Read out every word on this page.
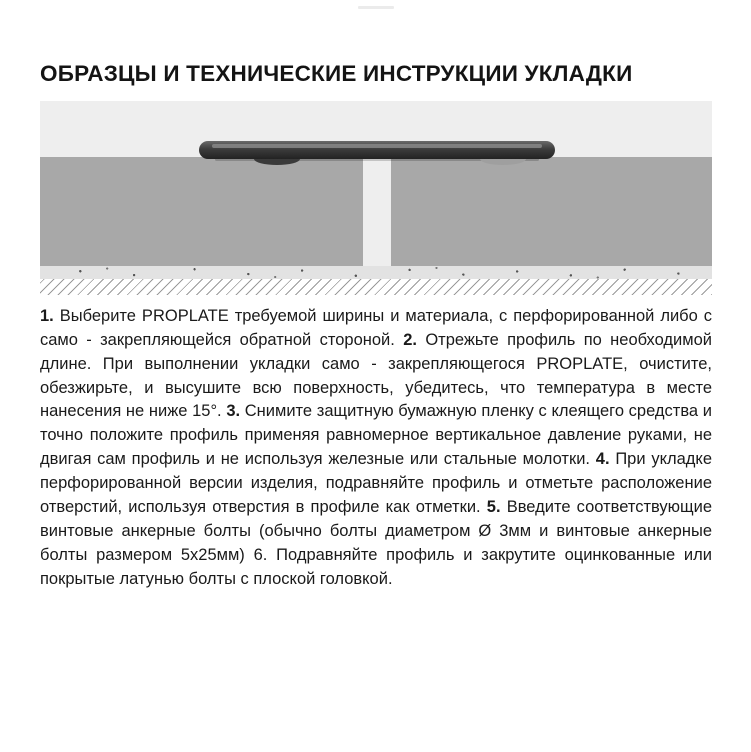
ОБРАЗЦЫ И ТЕХНИЧЕСКИЕ ИНСТРУКЦИИ УКЛАДКИ

1. Выберите PROPLATE требуемой ширины и материала, с перфорированной либо с само - закрепляющейся обратной стороной. 2. Отрежьте профиль по необходимой длине. При выполнении укладки само - закрепляющегося PROPLATE, очистите, обезжирьте, и высушите всю поверхность, убедитесь, что температура в месте нанесения не ниже 15°. 3. Снимите защитную бумажную пленку с клеящего средства и точно положите профиль применяя равномерное вертикальное давление руками, не двигая сам профиль и не используя железные или стальные молотки. 4. При укладке перфорированной версии изделия, подравняйте профиль и отметьте расположение отверстий, используя отверстия в профиле как отметки. 5. Введите соответствующие винтовые анкерные болты (обычно болты диаметром Ø 3мм и винтовые анкерные болты размером 5x25мм) 6. Подравняйте профиль и закрутите оцинкованные или покрытые латунью болты с плоской головкой.
